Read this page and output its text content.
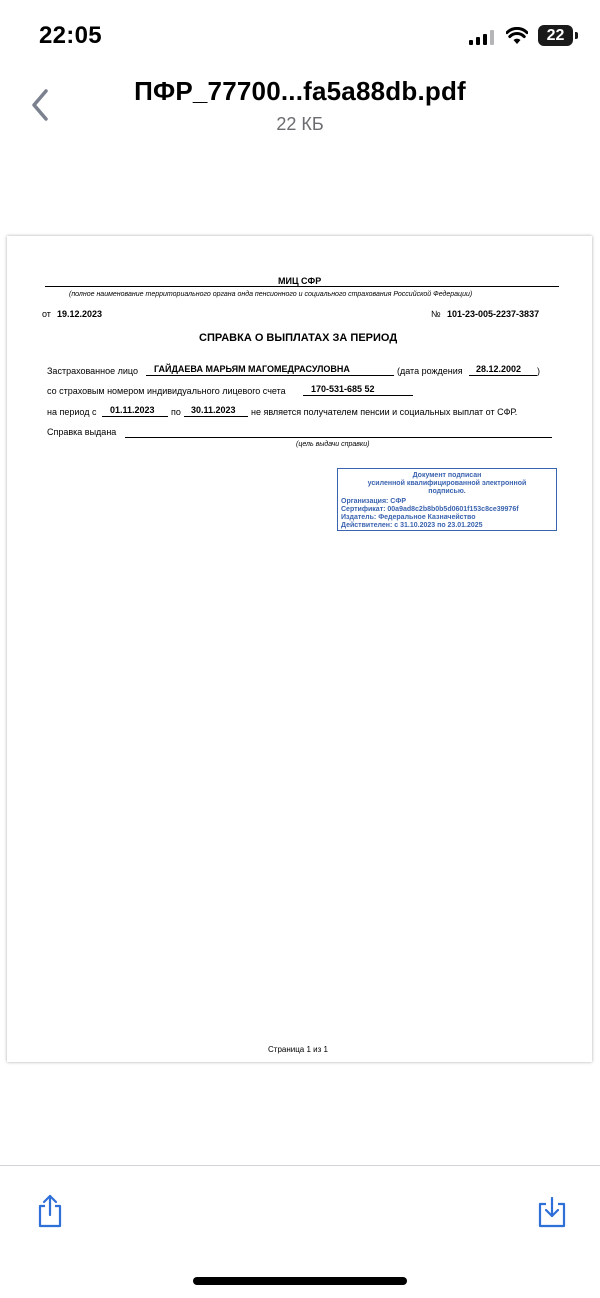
22:05	22
ПФР_77700...fa5a88db.pdf
22 КБ
МИЦ СФР
(полное наименование территориального органа онда пенсионного и социального страхования Российской Федерации)
от 19.12.2023	№ 101-23-005-2237-3837
СПРАВКА О ВЫПЛАТАХ ЗА ПЕРИОД
Застрахованное лицо ГАЙДАЕВА МАРЬЯМ МАГОМЕДРАСУЛОВНА	(дата рождения 28.12.2002 )
со страховым номером индивидуального лицевого счета	170-531-685 52
на период с 01.11.2023 по 30.11.2023 не является получателем пенсии и социальных выплат от СФР.
Справка выдана
(цель выдачи справки)
Документ подписан
усиленной квалифицированной электронной
подписью.
Организация: СФР
Сертификат: 00a9ad8c2b8b0b5d0601f153c8ce39976f
Издатель: Федеральное Казначейство
Действителен: с 31.10.2023 по 23.01.2025
Страница 1 из 1
